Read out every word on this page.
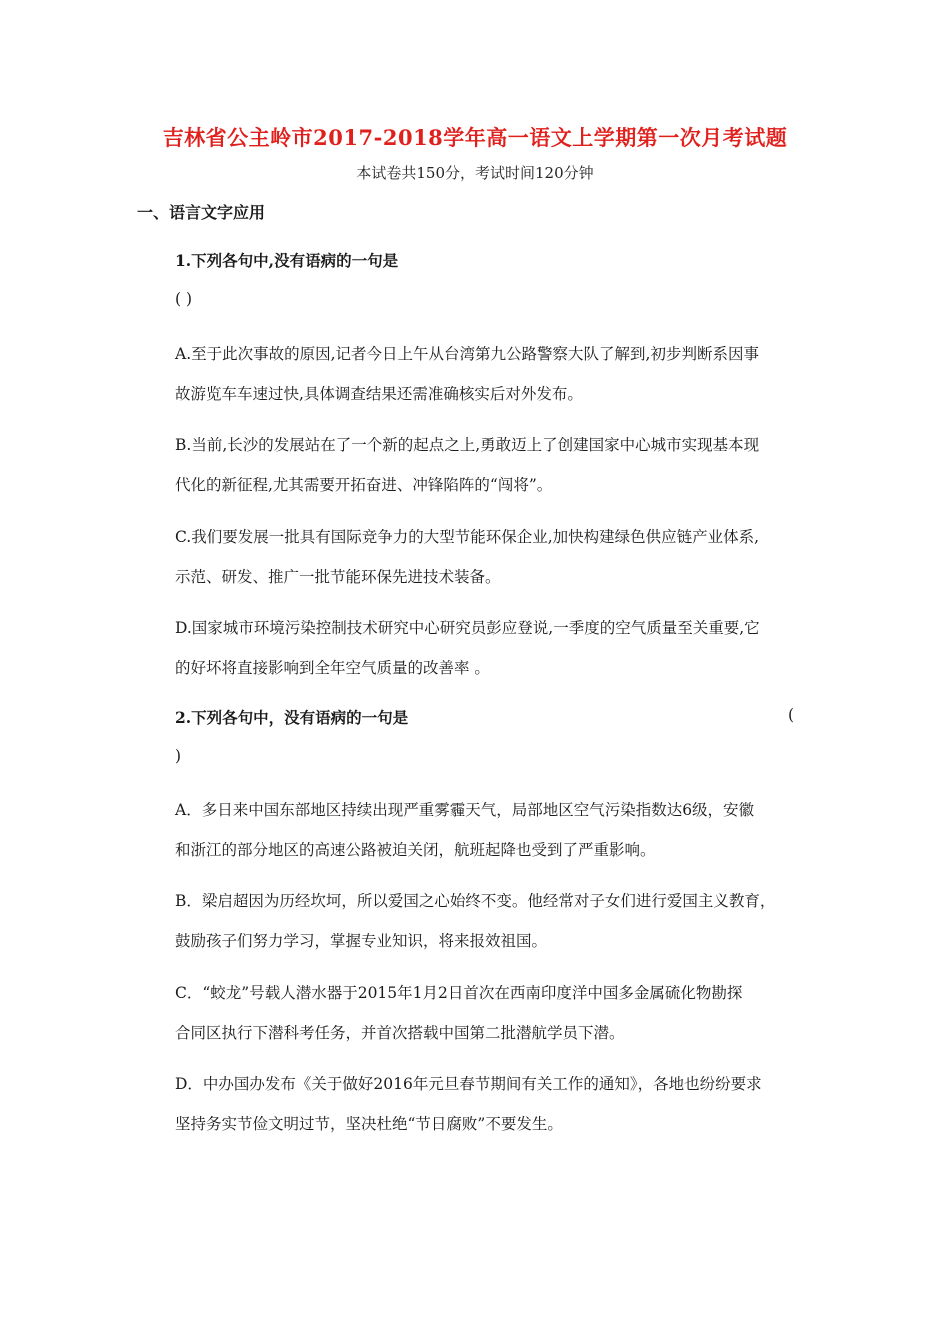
吉林省公主岭市2017-2018学年高一语文上学期第一次月考试题
本试卷共150分，考试时间120分钟
一、语言文字应用
1.下列各句中,没有语病的一句是
( )
A.至于此次事故的原因,记者今日上午从台湾第九公路警察大队了解到,初步判断系因事
故游览车车速过快,具体调查结果还需准确核实后对外发布。
B.当前,长沙的发展站在了一个新的起点之上,勇敢迈上了创建国家中心城市实现基本现
代化的新征程,尤其需要开拓奋进、冲锋陷阵的“闯将”。
C.我们要发展一批具有国际竞争力的大型节能环保企业,加快构建绿色供应链产业体系,
示范、研发、推广一批节能环保先进技术装备。
D.国家城市环境污染控制技术研究中心研究员彭应登说,一季度的空气质量至关重要,它
的好坏将直接影响到全年空气质量的改善率 。
2.下列各句中，没有语病的一句是	(
)
A．多日来中国东部地区持续出现严重雾霾天气，局部地区空气污染指数达6级，安徽
和浙江的部分地区的高速公路被迫关闭，航班起降也受到了严重影响。
B．梁启超因为历经坎坷，所以爱国之心始终不变。他经常对子女们进行爱国主义教育，
鼓励孩子们努力学习，掌握专业知识，将来报效祖国。
C．“蛟龙”号载人潜水器于2015年1月2日首次在西南印度洋中国多金属硫化物勘探
合同区执行下潜科考任务，并首次搭载中国第二批潜航学员下潜。
D．中办国办发布《关于做好2016年元旦春节期间有关工作的通知》，各地也纷纷要求
坚持务实节俭文明过节，坚决杜绝“节日腐败”不要发生。
